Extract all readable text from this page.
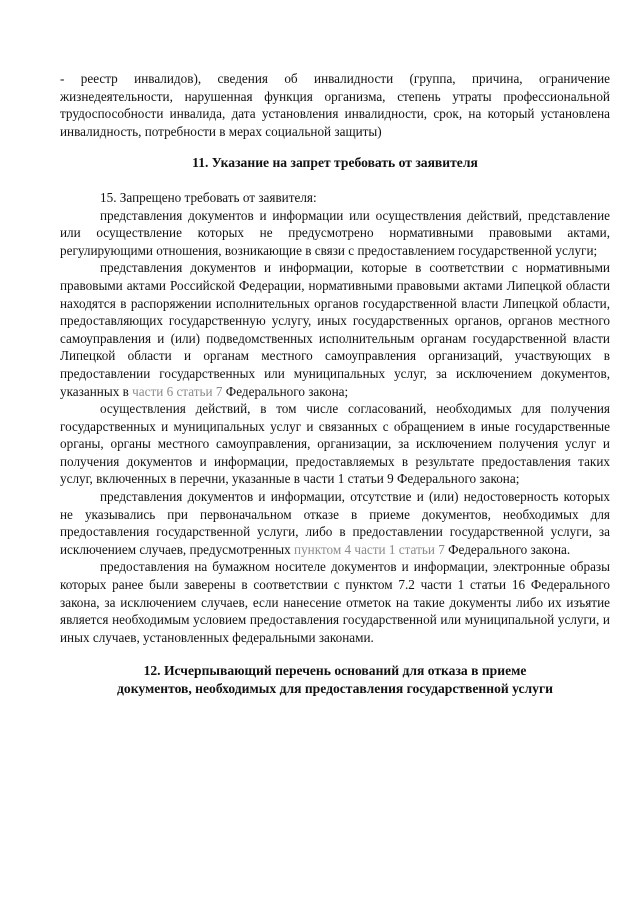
- реестр инвалидов), сведения об инвалидности (группа, причина, ограничение жизнедеятельности, нарушенная функция организма, степень утраты профессиональной трудоспособности инвалида, дата установления инвалидности, срок, на который установлена инвалидность, потребности в мерах социальной защиты)

11. Указание на запрет требовать от заявителя

15. Запрещено требовать от заявителя:

представления документов и информации или осуществления действий, представление или осуществление которых не предусмотрено нормативными правовыми актами, регулирующими отношения, возникающие в связи с предоставлением государственной услуги;

представления документов и информации, которые в соответствии с нормативными правовыми актами Российской Федерации, нормативными правовыми актами Липецкой области находятся в распоряжении исполнительных органов государственной власти Липецкой области, предоставляющих государственную услугу, иных государственных органов, органов местного самоуправления и (или) подведомственных исполнительным органам государственной власти Липецкой области и органам местного самоуправления организаций, участвующих в предоставлении государственных или муниципальных услуг, за исключением документов, указанных в части 6 статьи 7 Федерального закона;

осуществления действий, в том числе согласований, необходимых для получения государственных и муниципальных услуг и связанных с обращением в иные государственные органы, органы местного самоуправления, организации, за исключением получения услуг и получения документов и информации, предоставляемых в результате предоставления таких услуг, включенных в перечни, указанные в части 1 статьи 9 Федерального закона;

представления документов и информации, отсутствие и (или) недостоверность которых не указывались при первоначальном отказе в приеме документов, необходимых для предоставления государственной услуги, либо в предоставлении государственной услуги, за исключением случаев, предусмотренных пунктом 4 части 1 статьи 7 Федерального закона.

предоставления на бумажном носителе документов и информации, электронные образы которых ранее были заверены в соответствии с пунктом 7.2 части 1 статьи 16 Федерального закона, за исключением случаев, если нанесение отметок на такие документы либо их изъятие является необходимым условием предоставления государственной или муниципальной услуги, и иных случаев, установленных федеральными законами.

12. Исчерпывающий перечень оснований для отказа в приеме
документов, необходимых для предоставления государственной услуги
